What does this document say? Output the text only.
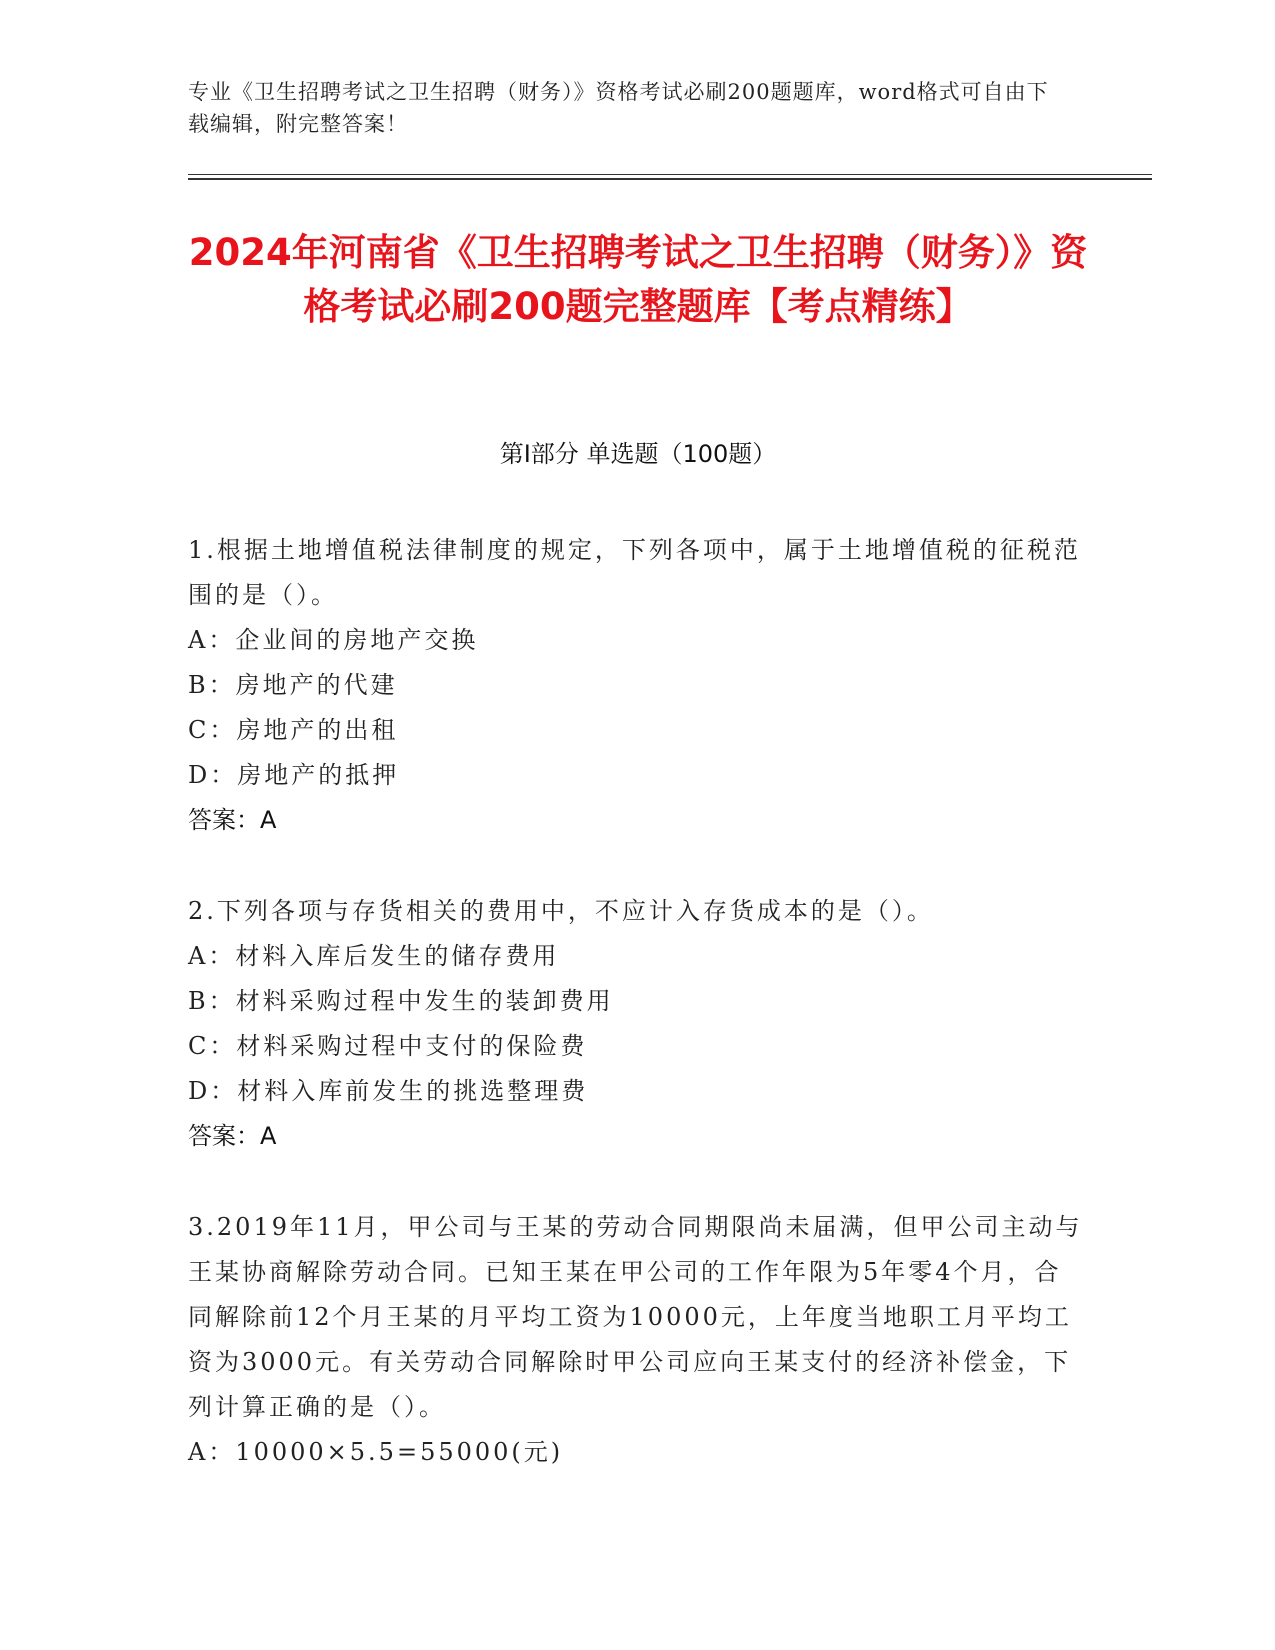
专业《卫生招聘考试之卫生招聘（财务）》资格考试必刷200题题库，word格式可自由下载编辑，附完整答案！
2024年河南省《卫生招聘考试之卫生招聘（财务）》资格考试必刷200题完整题库【考点精练】
第Ⅰ部分 单选题（100题）
1.根据土地增值税法律制度的规定，下列各项中，属于土地增值税的征税范围的是（）。
A：企业间的房地产交换
B：房地产的代建
C：房地产的出租
D：房地产的抵押
答案：A
2.下列各项与存货相关的费用中，不应计入存货成本的是（）。
A：材料入库后发生的储存费用
B：材料采购过程中发生的装卸费用
C：材料采购过程中支付的保险费
D：材料入库前发生的挑选整理费
答案：A
3.2019年11月，甲公司与王某的劳动合同期限尚未届满，但甲公司主动与王某协商解除劳动合同。已知王某在甲公司的工作年限为5年零4个月，合同解除前12个月王某的月平均工资为10000元，上年度当地职工月平均工资为3000元。有关劳动合同解除时甲公司应向王某支付的经济补偿金，下列计算正确的是（）。
A：10000×5.5=55000(元)
